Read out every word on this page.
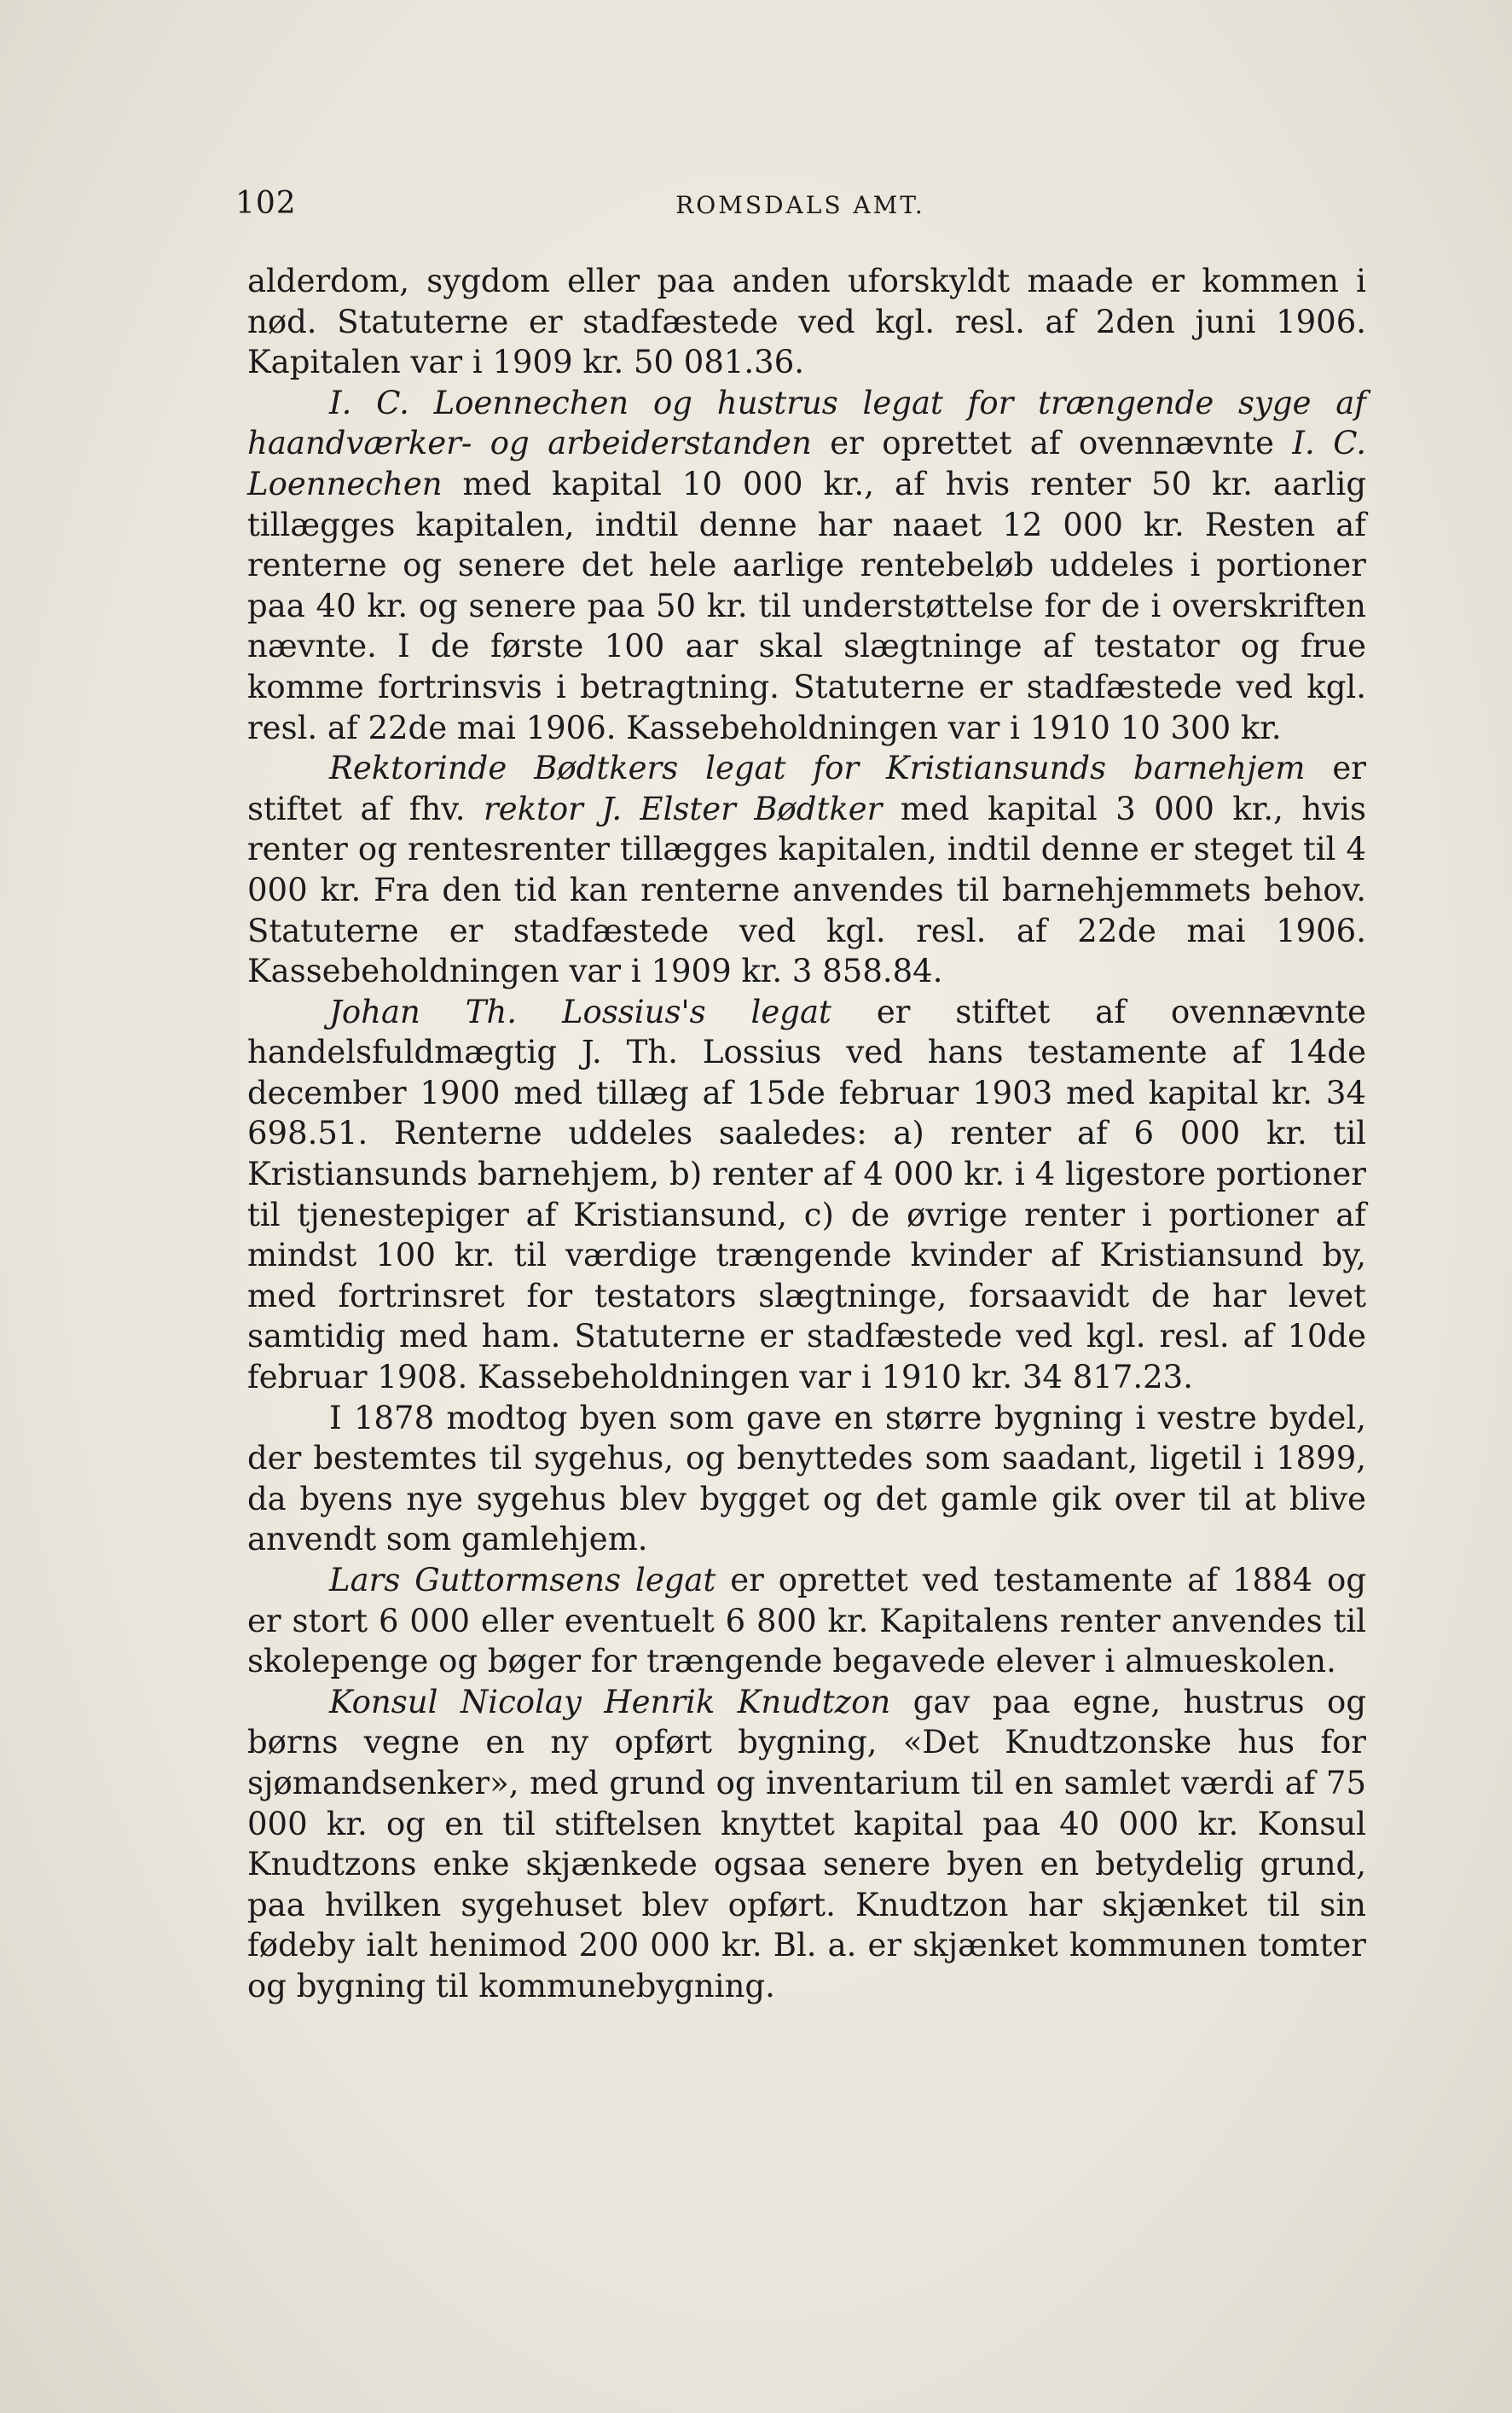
102	ROMSDALS AMT.

alderdom, sygdom eller paa anden uforskyldt maade er kommen i nød. Statuterne er stadfæstede ved kgl. resl. af 2den juni 1906. Kapitalen var i 1909 kr. 50 081.36.

I. C. Loennechen og hustrus legat for trængende syge af haandværker- og arbeiderstanden er oprettet af ovennævnte I. C. Loennechen med kapital 10 000 kr., af hvis renter 50 kr. aarlig tillægges kapitalen, indtil denne har naaet 12 000 kr. Resten af renterne og senere det hele aarlige rentebeløb uddeles i portioner paa 40 kr. og senere paa 50 kr. til understøttelse for de i overskriften nævnte. I de første 100 aar skal slægtninge af testator og frue komme fortrinsvis i betragtning. Statuterne er stadfæstede ved kgl. resl. af 22de mai 1906. Kassebeholdningen var i 1910 10 300 kr.

Rektorinde Bødtkers legat for Kristiansunds barnehjem er stiftet af fhv. rektor J. Elster Bødtker med kapital 3 000 kr., hvis renter og rentesrenter tillægges kapitalen, indtil denne er steget til 4 000 kr. Fra den tid kan renterne anvendes til barnehjemmets behov. Statuterne er stadfæstede ved kgl. resl. af 22de mai 1906. Kassebeholdningen var i 1909 kr. 3 858.84.

Johan Th. Lossius's legat er stiftet af ovennævnte handelsfuldmægtig J. Th. Lossius ved hans testamente af 14de december 1900 med tillæg af 15de februar 1903 med kapital kr. 34 698.51. Renterne uddeles saaledes: a) renter af 6 000 kr. til Kristiansunds barnehjem, b) renter af 4 000 kr. i 4 ligestore portioner til tjenestepiger af Kristiansund, c) de øvrige renter i portioner af mindst 100 kr. til værdige trængende kvinder af Kristiansund by, med fortrinsret for testators slægtninge, forsaavidt de har levet samtidig med ham. Statuterne er stadfæstede ved kgl. resl. af 10de februar 1908. Kassebeholdningen var i 1910 kr. 34 817.23.

I 1878 modtog byen som gave en større bygning i vestre bydel, der bestemtes til sygehus, og benyttedes som saadant, ligetil i 1899, da byens nye sygehus blev bygget og det gamle gik over til at blive anvendt som gamlehjem.

Lars Guttormsens legat er oprettet ved testamente af 1884 og er stort 6 000 eller eventuelt 6 800 kr. Kapitalens renter anvendes til skolepenge og bøger for trængende begavede elever i almueskolen.

Konsul Nicolay Henrik Knudtzon gav paa egne, hustrus og børns vegne en ny opført bygning, «Det Knudtzonske hus for sjømandsenker», med grund og inventarium til en samlet værdi af 75 000 kr. og en til stiftelsen knyttet kapital paa 40 000 kr. Konsul Knudtzons enke skjænkede ogsaa senere byen en betydelig grund, paa hvilken sygehuset blev opført. Knudtzon har skjænket til sin fødeby ialt henimod 200 000 kr. Bl. a. er skjænket kommunen tomter og bygning til kommunebygning.
